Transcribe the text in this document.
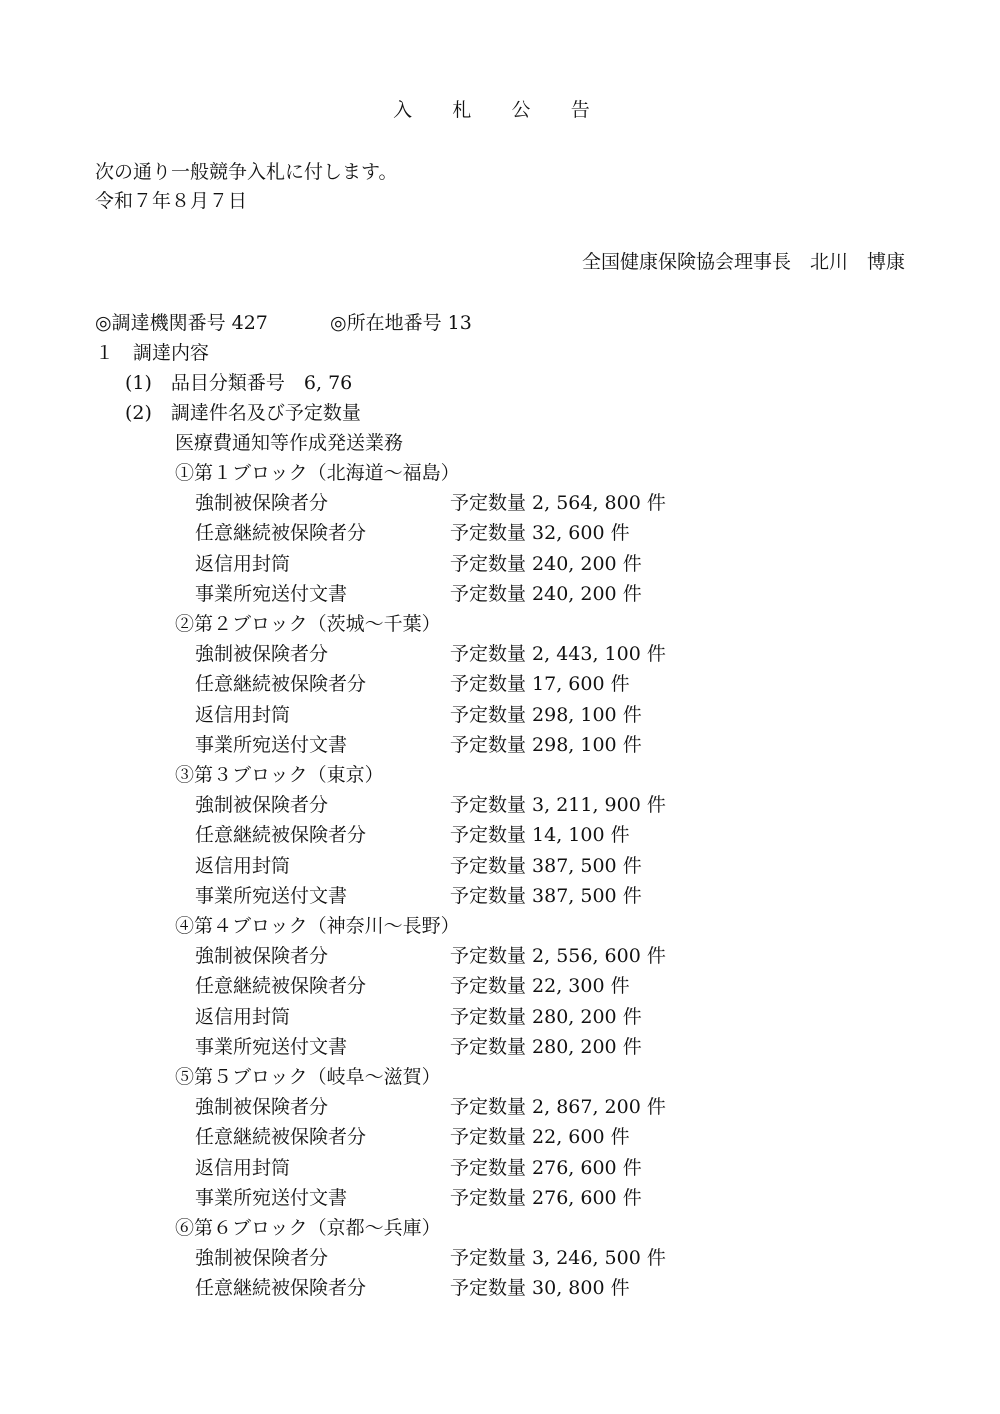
入 札 公 告
次の通り一般競争入札に付します。
令和７年８月７日
全国健康保険協会理事長　北川　博康
◎調達機関番号 427	◎所在地番号 13
１　調達内容
(1)　品目分類番号　6, 76
(2)　調達件名及び予定数量
医療費通知等作成発送業務
①第１ブロック（北海道～福島）
強制被保険者分	予定数量 2, 564, 800 件
任意継続被保険者分	予定数量 32, 600 件
返信用封筒	予定数量 240, 200 件
事業所宛送付文書	予定数量 240, 200 件
②第２ブロック（茨城～千葉）
強制被保険者分	予定数量 2, 443, 100 件
任意継続被保険者分	予定数量 17, 600 件
返信用封筒	予定数量 298, 100 件
事業所宛送付文書	予定数量 298, 100 件
③第３ブロック（東京）
強制被保険者分	予定数量 3, 211, 900 件
任意継続被保険者分	予定数量 14, 100 件
返信用封筒	予定数量 387, 500 件
事業所宛送付文書	予定数量 387, 500 件
④第４ブロック（神奈川～長野）
強制被保険者分	予定数量 2, 556, 600 件
任意継続被保険者分	予定数量 22, 300 件
返信用封筒	予定数量 280, 200 件
事業所宛送付文書	予定数量 280, 200 件
⑤第５ブロック（岐阜～滋賀）
強制被保険者分	予定数量 2, 867, 200 件
任意継続被保険者分	予定数量 22, 600 件
返信用封筒	予定数量 276, 600 件
事業所宛送付文書	予定数量 276, 600 件
⑥第６ブロック（京都～兵庫）
強制被保険者分	予定数量 3, 246, 500 件
任意継続被保険者分	予定数量 30, 800 件
